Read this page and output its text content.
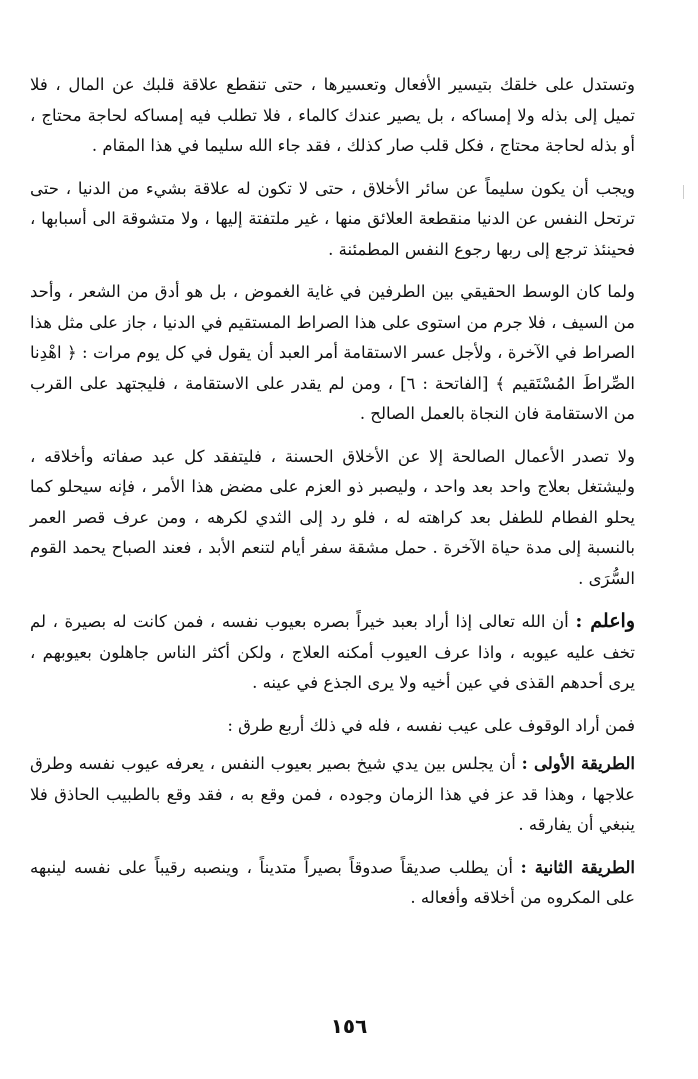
وتستدل على خلقك بتيسير الأفعال وتعسيرها ، حتى تنقطع علاقة قلبك عن المال ، فلا تميل إلى بذله ولا إمساكه ، بل يصير عندك كالماء ، فلا تطلب فيه إمساكه لحاجة محتاج ، أو بذله لحاجة محتاج ، فكل قلب صار كذلك ، فقد جاء الله سليما في هذا المقام .

ويجب أن يكون سليماً عن سائر الأخلاق ، حتى لا تكون له علاقة بشيء من الدنيا ، حتى ترتحل النفس عن الدنيا منقطعة العلائق منها ، غير ملتفتة إليها ، ولا متشوقة الى أسبابها ، فحينئذ ترجع إلى ربها رجوع النفس المطمئنة .

ولما كان الوسط الحقيقي بين الطرفين في غاية الغموض ، بل هو أدق من الشعر ، وأحد من السيف ، فلا جرم من استوى على هذا الصراط المستقيم في الدنيا ، جاز على مثل هذا الصراط في الآخرة ، ولأجل عسر الاستقامة أمر العبد أن يقول في كل يوم مرات : ﴿ اهْدِنا الصِّراطَ المُسْتَقيم ﴾ [الفاتحة : ٦] ، ومن لم يقدر على الاستقامة ، فليجتهد على القرب من الاستقامة فان النجاة بالعمل الصالح .

ولا تصدر الأعمال الصالحة إلا عن الأخلاق الحسنة ، فليتفقد كل عبد صفاته وأخلاقه ، وليشتغل بعلاج واحد بعد واحد ، وليصبر ذو العزم على مضض هذا الأمر ، فإنه سيحلو كما يحلو الفطام للطفل بعد كراهته له ، فلو رد إلى الثدي لكرهه ، ومن عرف قصر العمر بالنسبة إلى مدة حياة الآخرة . حمل مشقة سفر أيام لتنعم الأبد ، فعند الصباح يحمد القوم السُّرَى .

واعلم : أن الله تعالى إذا أراد بعبد خيراً بصره بعيوب نفسه ، فمن كانت له بصيرة ، لم تخف عليه عيوبه ، واذا عرف العيوب أمكنه العلاج ، ولكن أكثر الناس جاهلون بعيوبهم ، يرى أحدهم القذى في عين أخيه ولا يرى الجذع في عينه .

فمن أراد الوقوف على عيب نفسه ، فله في ذلك أربع طرق :

الطريقة الأولى : أن يجلس بين يدي شيخ بصير بعيوب النفس ، يعرفه عيوب نفسه وطرق علاجها ، وهذا قد عز في هذا الزمان وجوده ، فمن وقع به ، فقد وقع بالطبيب الحاذق فلا ينبغي أن يفارقه .

الطريقة الثانية : أن يطلب صديقاً صدوقاً بصيراً متديناً ، وينصبه رقيباً على نفسه لينبهه على المكروه من أخلاقه وأفعاله .

١٥٦
